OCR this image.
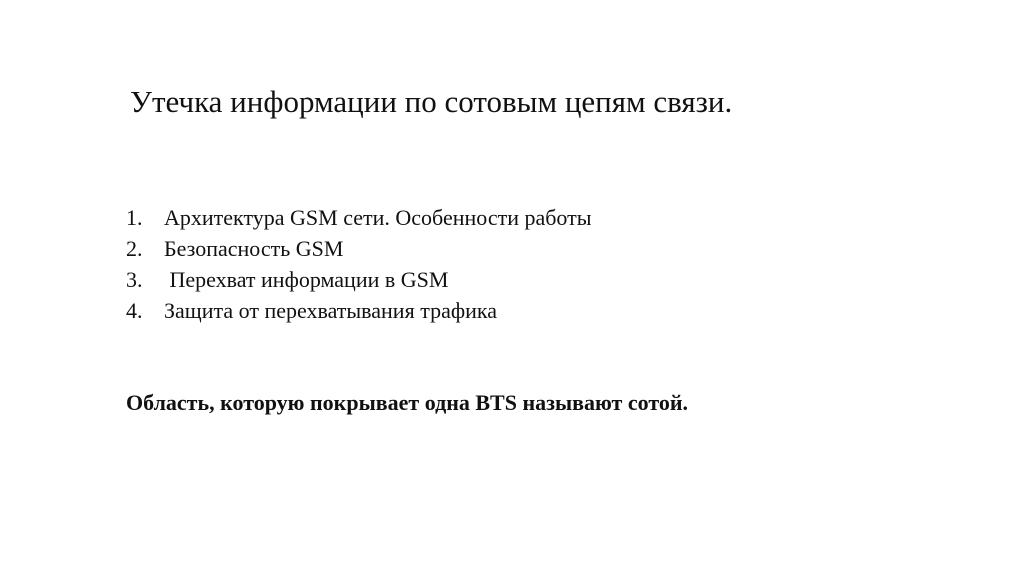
Утечка информации по сотовым цепям связи.
1. Архитектура GSM сети. Особенности работы
2. Безопасность GSM
3. Перехват информации в GSM
4. Защита от перехватывания трафика

Область, которую покрывает одна BTS называют сотой.
